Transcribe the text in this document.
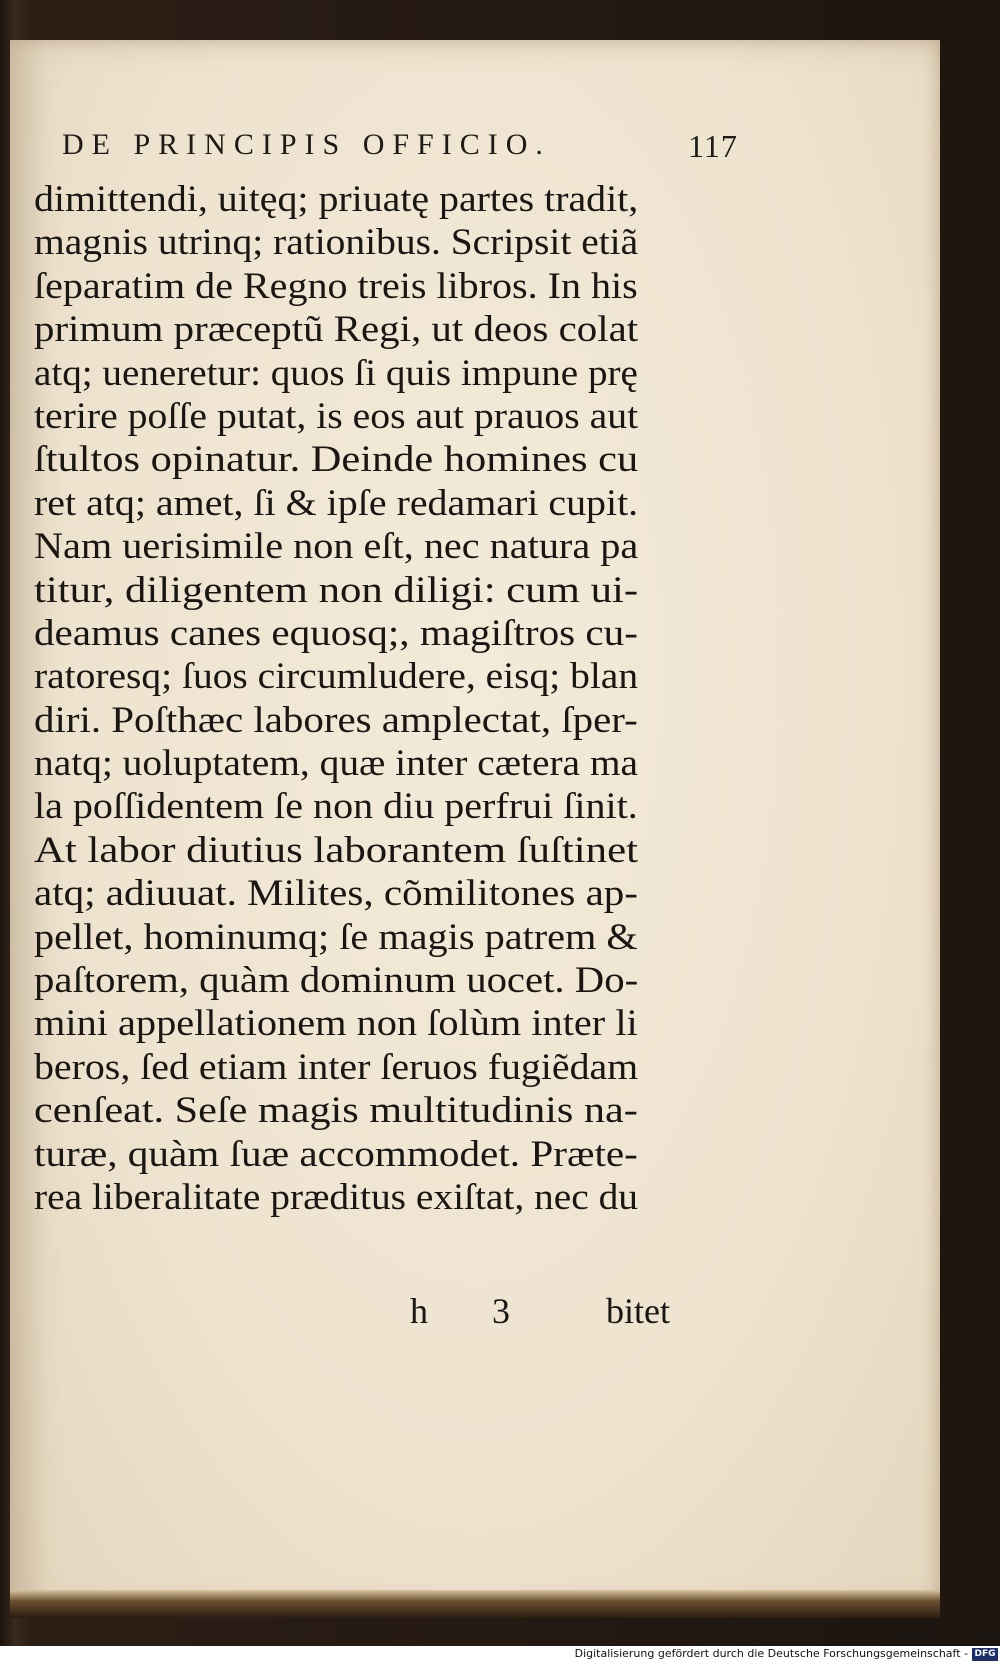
DE PRINCIPIS OFFICIO.	117
dimittendi, uitęq; priuatę partes tradit,
magnis utrinq; rationibus. Scripsit etiã
ſeparatim de Regno treis libros. In his
primum præceptũ Regi, ut deos colat
atq; ueneretur: quos ſi quis impune prę
terire poſſe putat, is eos aut prauos aut
ſtultos opinatur. Deinde homines cu
ret atq; amet, ſi & ipſe redamari cupit.
Nam uerisimile non eſt, nec natura pa
titur, diligentem non diligi: cum ui-
deamus canes equosq;, magiſtros cu-
ratoresq; ſuos circumludere, eisq; blan
diri. Poſthæc labores amplectat, ſper-
natq; uoluptatem, quæ inter cætera ma
la poſſidentem ſe non diu perfrui ſinit.
At labor diutius laborantem ſuſtinet
atq; adiuuat. Milites, cõmilitones ap-
pellet, hominumq; ſe magis patrem &
paſtorem, quàm dominum uocet. Do-
mini appellationem non ſolùm inter li
beros, ſed etiam inter ſeruos fugiẽdam
cenſeat. Seſe magis multitudinis na-
turæ, quàm ſuæ accommodet. Præte-
rea liberalitate præditus exiſtat, nec du
h 3	bitet
Digitalisierung gefördert durch die Deutsche Forschungsgemeinschaft - DFG
